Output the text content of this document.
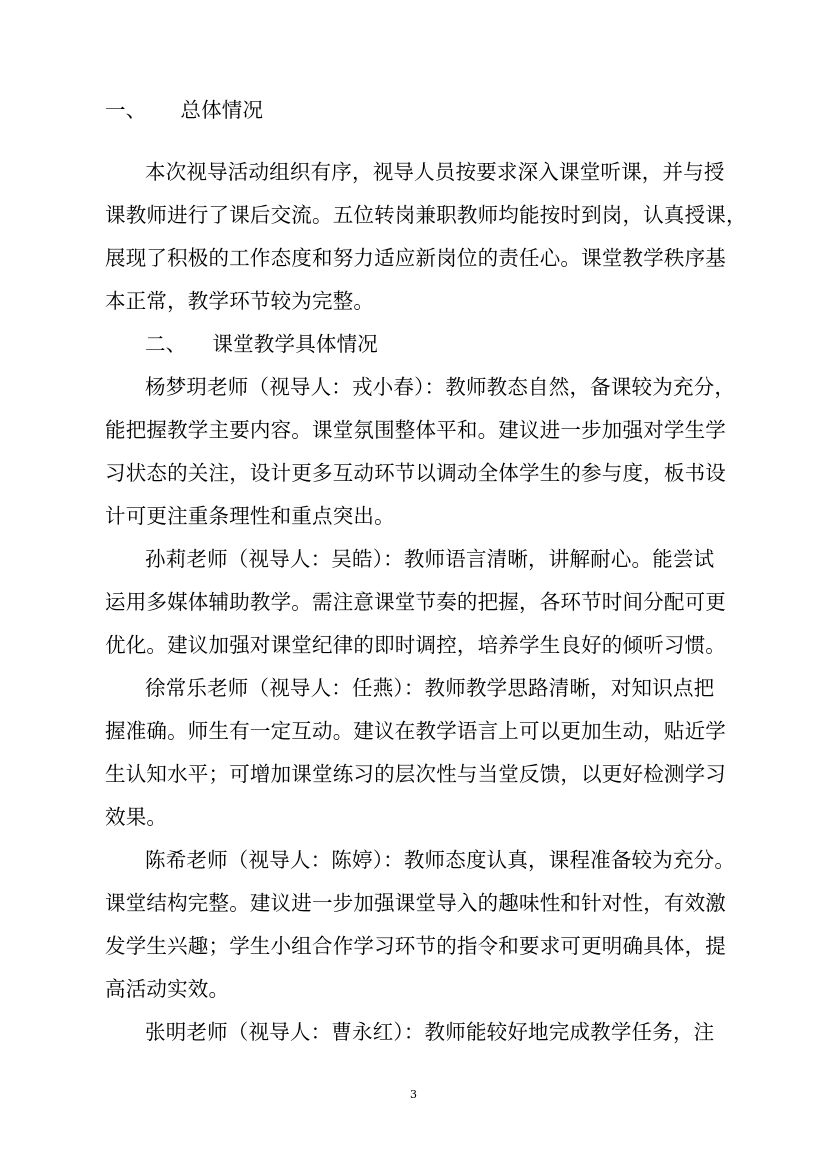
一、 总体情况
本次视导活动组织有序，视导人员按要求深入课堂听课，并与授
课教师进行了课后交流。五位转岗兼职教师均能按时到岗，认真授课，
展现了积极的工作态度和努力适应新岗位的责任心。课堂教学秩序基
本正常，教学环节较为完整。
二、 课堂教学具体情况
杨梦玥老师（视导人：戎小春）：教师教态自然，备课较为充分，
能把握教学主要内容。课堂氛围整体平和。建议进一步加强对学生学
习状态的关注，设计更多互动环节以调动全体学生的参与度，板书设
计可更注重条理性和重点突出。
孙莉老师（视导人：吴皓）：教师语言清晰，讲解耐心。能尝试
运用多媒体辅助教学。需注意课堂节奏的把握，各环节时间分配可更
优化。建议加强对课堂纪律的即时调控，培养学生良好的倾听习惯。
徐常乐老师（视导人：任燕）：教师教学思路清晰，对知识点把
握准确。师生有一定互动。建议在教学语言上可以更加生动，贴近学
生认知水平；可增加课堂练习的层次性与当堂反馈，以更好检测学习
效果。
陈希老师（视导人：陈婷）：教师态度认真，课程准备较为充分。
课堂结构完整。建议进一步加强课堂导入的趣味性和针对性，有效激
发学生兴趣；学生小组合作学习环节的指令和要求可更明确具体，提
高活动实效。
张明老师（视导人：曹永红）：教师能较好地完成教学任务，注
3
